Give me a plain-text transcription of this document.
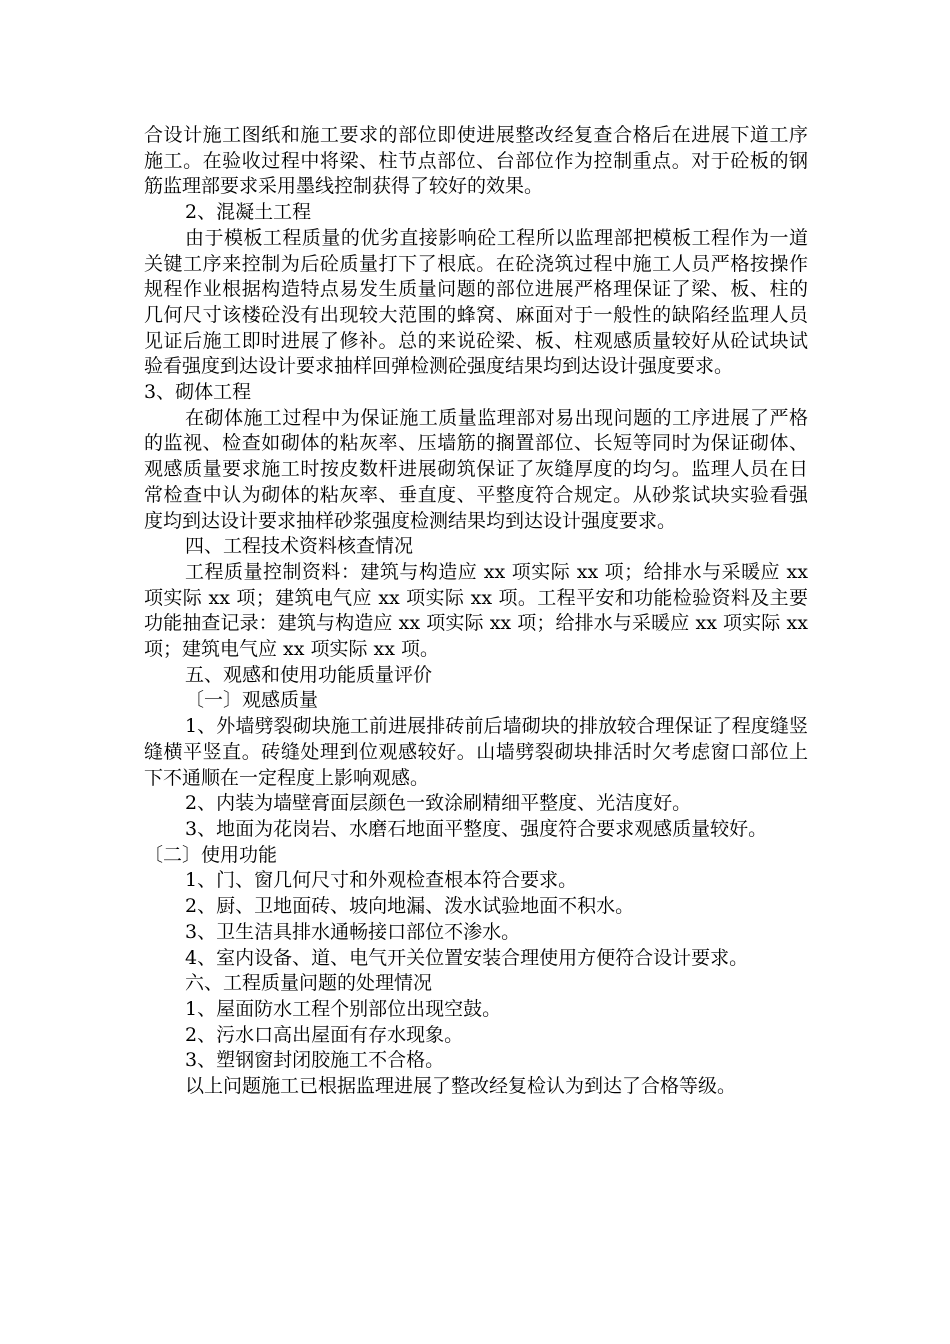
合设计施工图纸和施工要求的部位即使进展整改经复查合格后在进展下道工序施工。在验收过程中将梁、柱节点部位、台部位作为控制重点。对于砼板的钢筋监理部要求采用墨线控制获得了较好的效果。

2、混凝土工程

由于模板工程质量的优劣直接影响砼工程所以监理部把模板工程作为一道关键工序来控制为后砼质量打下了根底。在砼浇筑过程中施工人员严格按操作规程作业根据构造特点易发生质量问题的部位进展严格理保证了梁、板、柱的几何尺寸该楼砼没有出现较大范围的蜂窝、麻面对于一般性的缺陷经监理人员见证后施工即时进展了修补。总的来说砼梁、板、柱观感质量较好从砼试块试验看强度到达设计要求抽样回弹检测砼强度结果均到达设计强度要求。

3、砌体工程

在砌体施工过程中为保证施工质量监理部对易出现问题的工序进展了严格的监视、检查如砌体的粘灰率、压墙筋的搁置部位、长短等同时为保证砌体、观感质量要求施工时按皮数杆进展砌筑保证了灰缝厚度的均匀。监理人员在日常检查中认为砌体的粘灰率、垂直度、平整度符合规定。从砂浆试块实验看强度均到达设计要求抽样砂浆强度检测结果均到达设计强度要求。

四、工程技术资料核查情况

工程质量控制资料：建筑与构造应 xx 项实际 xx 项；给排水与采暖应 xx 项实际 xx 项；建筑电气应 xx 项实际 xx 项。工程平安和功能检验资料及主要功能抽查记录：建筑与构造应 xx 项实际 xx 项；给排水与采暖应 xx 项实际 xx 项；建筑电气应 xx 项实际 xx 项。

五、观感和使用功能质量评价

〔一〕观感质量

1、外墙劈裂砌块施工前进展排砖前后墙砌块的排放较合理保证了程度缝竖缝横平竖直。砖缝处理到位观感较好。山墙劈裂砌块排活时欠考虑窗口部位上下不通顺在一定程度上影响观感。

2、内装为墙壁膏面层颜色一致涂刷精细平整度、光洁度好。

3、地面为花岗岩、水磨石地面平整度、强度符合要求观感质量较好。

〔二〕使用功能

1、门、窗几何尺寸和外观检查根本符合要求。

2、厨、卫地面砖、坡向地漏、泼水试验地面不积水。

3、卫生洁具排水通畅接口部位不渗水。

4、室内设备、道、电气开关位置安装合理使用方便符合设计要求。

六、工程质量问题的处理情况

1、屋面防水工程个别部位出现空鼓。

2、污水口高出屋面有存水现象。

3、塑钢窗封闭胶施工不合格。

以上问题施工已根据监理进展了整改经复检认为到达了合格等级。
